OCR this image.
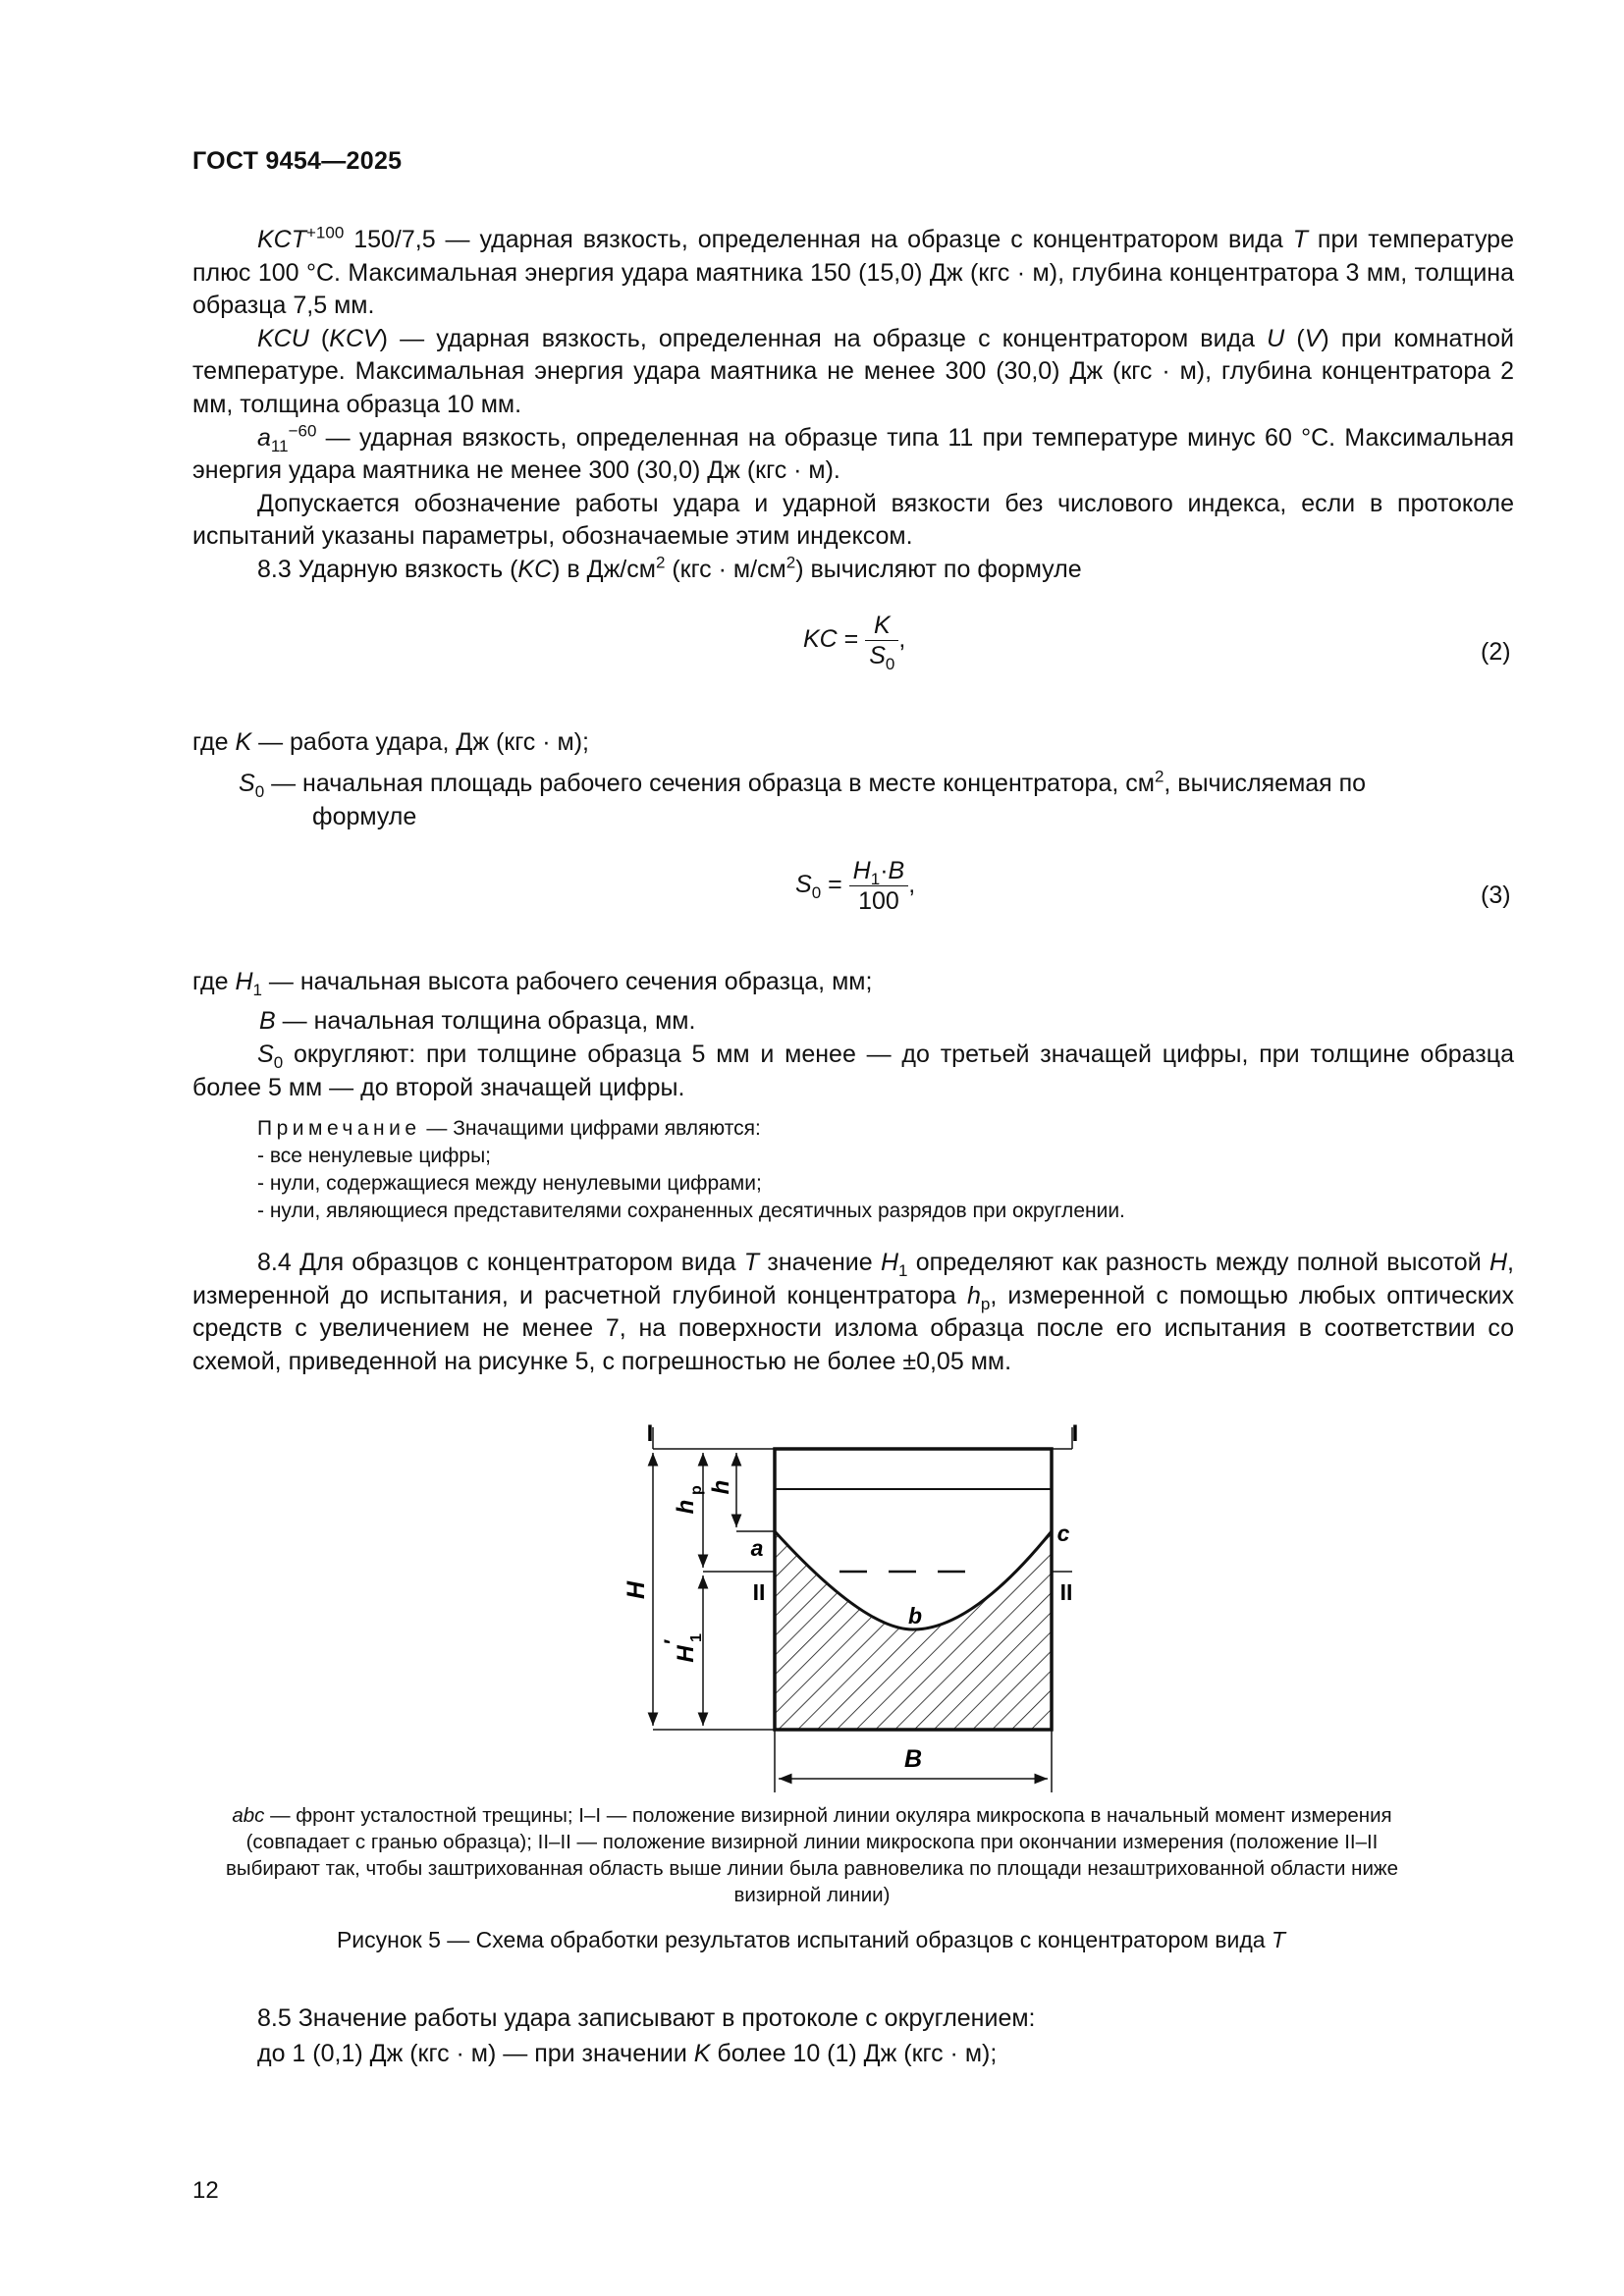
ГОСТ 9454—2025

$KCT^{+100}$ 150/7,5 — ударная вязкость, определенная на образце с концентратором вида T при температуре плюс 100 °С. Максимальная энергия удара маятника 150 (15,0) Дж (кгс · м), глубина концентратора 3 мм, толщина образца 7,5 мм.

KCU (KCV) — ударная вязкость, определенная на образце с концентратором вида U (V) при комнатной температуре. Максимальная энергия удара маятника не менее 300 (30,0) Дж (кгс · м), глубина концентратора 2 мм, толщина образца 10 мм.

$a_{11}^{-60}$ — ударная вязкость, определенная на образце типа 11 при температуре минус 60 °С. Максимальная энергия удара маятника не менее 300 (30,0) Дж (кгс · м).

Допускается обозначение работы удара и ударной вязкости без числового индекса, если в протоколе испытаний указаны параметры, обозначаемые этим индексом.

8.3 Ударную вязкость (KC) в $Дж/см^2$ $(кгс \cdot м/см^2)$ вычисляют по формуле

KC = $\frac{K}{S_0}$ ,	(2)
где K — работа удара, Дж (кгс · м);
$S_0$ — начальная площадь рабочего сечения образца в месте концентратора, $см^2$, вычисляемая по
формуле
$S_0 = \frac{H_1\cdot B}{100}$ ,	(3)
где $H_1$ — начальная высота рабочего сечения образца, мм;
B — начальная толщина образца, мм.

$S_0$ округляют: при толщине образца 5 мм и менее — до третьей значащей цифры, при толщине образца более 5 мм — до второй значащей цифры.

Примечание — Значащими цифрами являются:
- все ненулевые цифры;
- нули, содержащиеся между ненулевыми цифрами;
- нули, являющиеся представителями сохраненных десятичных разрядов при округлении.

8.4 Для образцов с концентратором вида T значение $H_1$ определяют как разность между полной высотой H, измеренной до испытания, и расчетной глубиной концентратора $h_р$, измеренной с помощью любых оптических средств с увеличением не менее 7, на поверхности излома образца после его испытания в соответствии со схемой, приведенной на рисунке 5, с погрешностью не более ±0,05 мм.

I	I
II	II
a
b
c
B
H
h
р h
H
1
′
abc — фронт усталостной трещины; I–I — положение визирной линии окуляра микроскопа в начальный момент измерения (совпадает с гранью образца); II–II — положение визирной линии микроскопа при окончании измерения (положение II–II выбирают так, чтобы заштрихованная область выше линии была равновелика по площади незаштрихованной области ниже визирной линии)
Рисунок 5 — Схема обработки результатов испытаний образцов с концентратором вида T
8.5 Значение работы удара записывают в протоколе с округлением:
до 1 (0,1) Дж (кгс · м) — при значении K более 10 (1) Дж (кгс · м);
12
